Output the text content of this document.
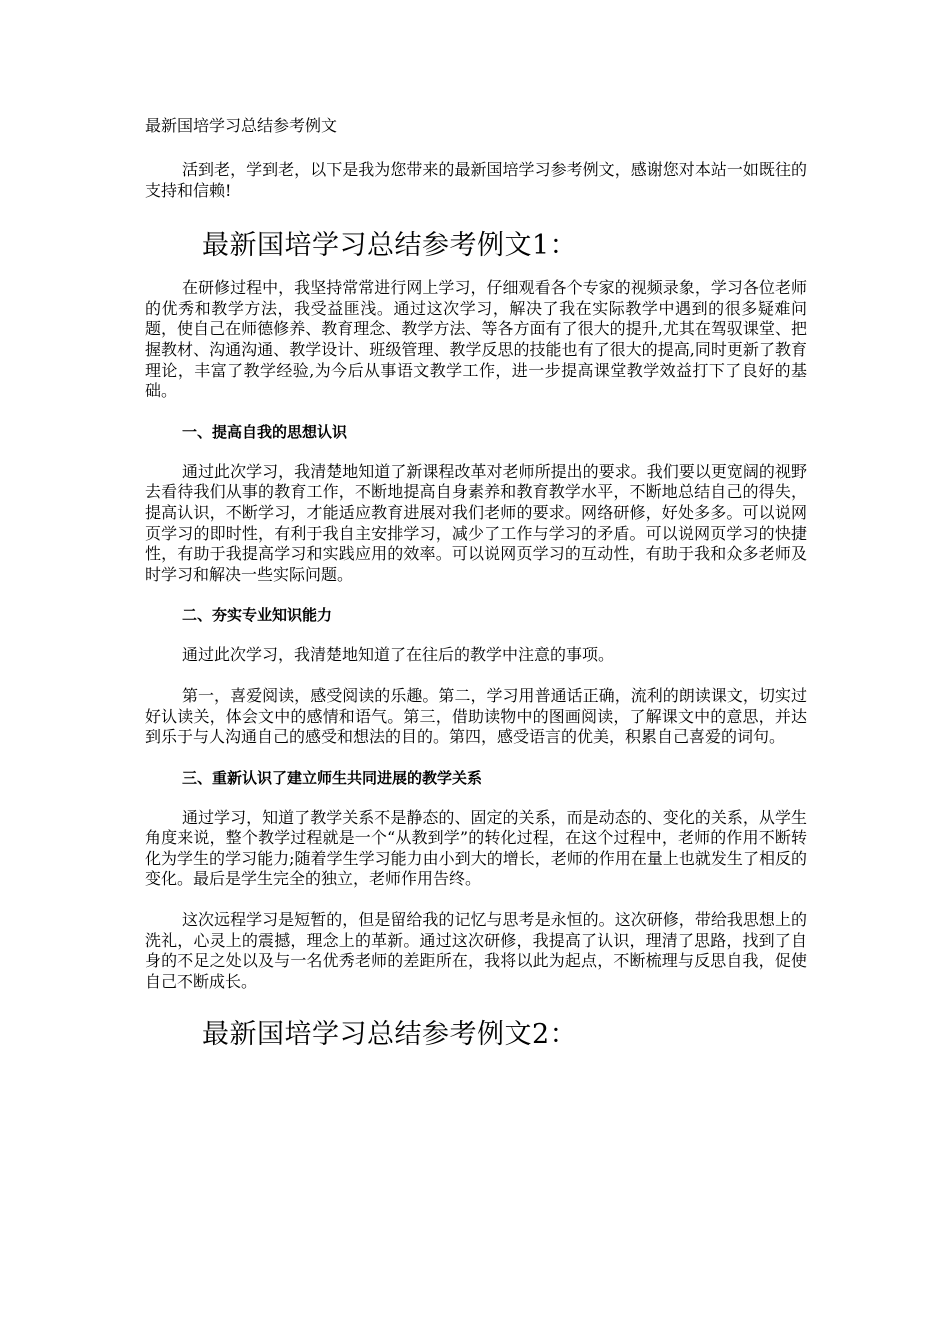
最新国培学习总结参考例文

活到老，学到老，以下是我为您带来的最新国培学习参考例文，感谢您对本站一如既往的支持和信赖!

最新国培学习总结参考例文1：

在研修过程中，我坚持常常进行网上学习，仔细观看各个专家的视频录象，学习各位老师的优秀和教学方法，我受益匪浅。通过这次学习，解决了我在实际教学中遇到的很多疑难问题，使自己在师德修养、教育理念、教学方法、等各方面有了很大的提升,尤其在驾驭课堂、把握教材、沟通沟通、教学设计、班级管理、教学反思的技能也有了很大的提高,同时更新了教育理论，丰富了教学经验,为今后从事语文教学工作，进一步提高课堂教学效益打下了良好的基础。

一、提高自我的思想认识

通过此次学习，我清楚地知道了新课程改革对老师所提出的要求。我们要以更宽阔的视野去看待我们从事的教育工作，不断地提高自身素养和教育教学水平，不断地总结自己的得失，提高认识，不断学习，才能适应教育进展对我们老师的要求。网络研修，好处多多。可以说网页学习的即时性，有利于我自主安排学习，减少了工作与学习的矛盾。可以说网页学习的快捷性，有助于我提高学习和实践应用的效率。可以说网页学习的互动性，有助于我和众多老师及时学习和解决一些实际问题。

二、夯实专业知识能力

通过此次学习，我清楚地知道了在往后的教学中注意的事项。

第一，喜爱阅读，感受阅读的乐趣。第二，学习用普通话正确，流利的朗读课文，切实过好认读关，体会文中的感情和语气。第三，借助读物中的图画阅读，了解课文中的意思，并达到乐于与人沟通自己的感受和想法的目的。第四，感受语言的优美，积累自己喜爱的词句。

三、重新认识了建立师生共同进展的教学关系

通过学习，知道了教学关系不是静态的、固定的关系，而是动态的、变化的关系，从学生角度来说，整个教学过程就是一个“从教到学”的转化过程，在这个过程中，老师的作用不断转化为学生的学习能力;随着学生学习能力由小到大的增长，老师的作用在量上也就发生了相反的变化。最后是学生完全的独立，老师作用告终。

这次远程学习是短暂的，但是留给我的记忆与思考是永恒的。这次研修，带给我思想上的洗礼，心灵上的震撼，理念上的革新。通过这次研修，我提高了认识，理清了思路，找到了自身的不足之处以及与一名优秀老师的差距所在，我将以此为起点，不断梳理与反思自我，促使自己不断成长。

最新国培学习总结参考例文2：
